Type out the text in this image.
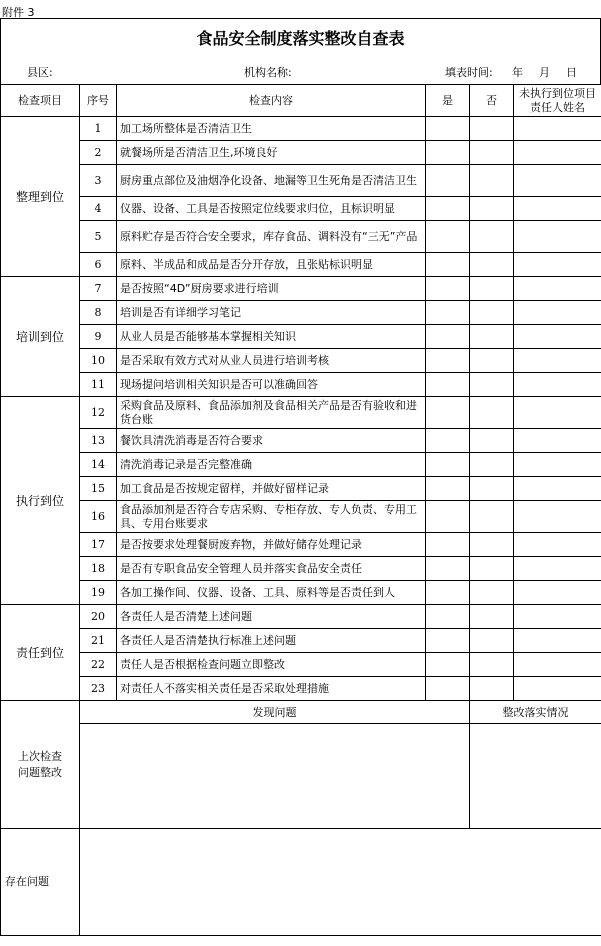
附件 3
食品安全制度落实整改自查表
县区:	机构名称:	填表时间: 年 月 日
检查项目	序号	检查内容	是	否	未执行到位项目责任人姓名
整理到位	1	加工场所整体是否清洁卫生			
	2	就餐场所是否清洁卫生,环境良好			
	3	厨房重点部位及油烟净化设备、地漏等卫生死角是否清洁卫生			
	4	仪器、设备、工具是否按照定位线要求归位，且标识明显			
	5	原料贮存是否符合安全要求，库存食品、调料没有“三无”产品			
	6	原料、半成品和成品是否分开存放，且张贴标识明显			
培训到位	7	是否按照“4D”厨房要求进行培训			
	8	培训是否有详细学习笔记			
	9	从业人员是否能够基本掌握相关知识			
	10	是否采取有效方式对从业人员进行培训考核			
	11	现场提问培训相关知识是否可以准确回答			
执行到位	12	采购食品及原料、食品添加剂及食品相关产品是否有验收和进货台账			
	13	餐饮具清洗消毒是否符合要求			
	14	清洗消毒记录是否完整准确			
	15	加工食品是否按规定留样，并做好留样记录			
	16	食品添加剂是否符合专店采购、专柜存放、专人负责、专用工具、专用台账要求			
	17	是否按要求处理餐厨废弃物，并做好储存处理记录			
	18	是否有专职食品安全管理人员并落实食品安全责任			
	19	各加工操作间、仪器、设备、工具、原料等是否责任到人			
责任到位	20	各责任人是否清楚上述问题			
	21	各责任人是否清楚执行标准上述问题			
	22	责任人是否根据检查问题立即整改			
	23	对责任人不落实相关责任是否采取处理措施			
上次检查问题整改	发现问题			整改落实情况	

存在问题					
